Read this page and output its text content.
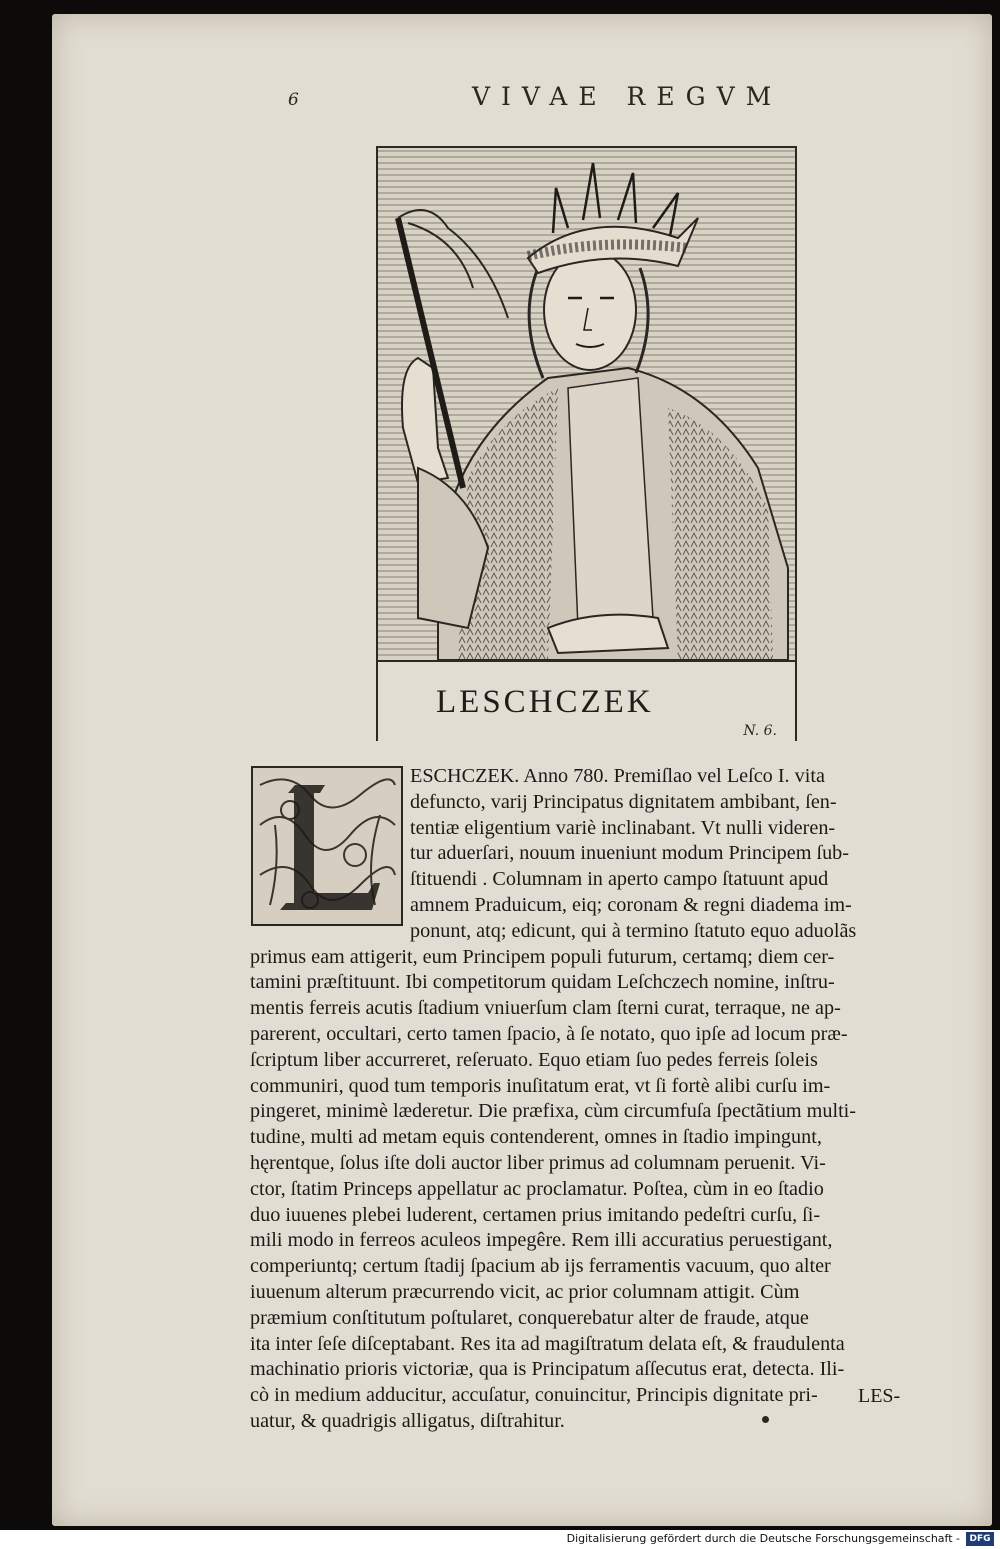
6	VIVAE REGVM
LESCHCZEK
N. 6.
ESCHCZEK. Anno 780. Premiſlao vel Leſco I. vita
defuncto, varij Principatus dignitatem ambibant, ſen-
tentiæ eligentium variè inclinabant. Vt nulli videren-
tur aduerſari, nouum inueniunt modum Principem ſub-
ſtituendi . Columnam in aperto campo ſtatuunt apud
amnem Praduicum, eiq; coronam & regni diadema im-
ponunt, atq; edicunt, qui à termino ſtatuto equo aduolãs
primus eam attigerit, eum Principem populi futurum, certamq; diem cer-
tamini præſtituunt. Ibi competitorum quidam Leſchczech nomine, inſtru-
mentis ferreis acutis ſtadium vniuerſum clam ſterni curat, terraque, ne ap-
parerent, occultari, certo tamen ſpacio, à ſe notato, quo ipſe ad locum præ-
ſcriptum liber accurreret, reſeruato. Equo etiam ſuo pedes ferreis ſoleis
communiri, quod tum temporis inuſitatum erat, vt ſi fortè alibi curſu im-
pingeret, minimè læderetur. Die præfixa, cùm circumfuſa ſpectãtium multi-
tudine, multi ad metam equis contenderent, omnes in ſtadio impingunt,
hęrentque, ſolus iſte doli auctor liber primus ad columnam peruenit. Vi-
ctor, ſtatim Princeps appellatur ac proclamatur. Poſtea, cùm in eo ſtadio
duo iuuenes plebei luderent, certamen prius imitando pedeſtri curſu, ſi-
mili modo in ferreos aculeos impegêre. Rem illi accuratius peruestigant,
comperiuntq; certum ſtadij ſpacium ab ijs ferramentis vacuum, quo alter
iuuenum alterum præcurrendo vicit, ac prior columnam attigit. Cùm
præmium conſtitutum poſtularet, conquerebatur alter de fraude, atque
ita inter ſeſe diſceptabant. Res ita ad magiſtratum delata eſt, & fraudulenta
machinatio prioris victoriæ, qua is Principatum aſſecutus erat, detecta. Ili-
cò in medium adducitur, accuſatur, conuincitur, Principis dignitate pri-
uatur, & quadrigis alligatus, diſtrahitur.
LES-
Digitalisierung gefördert durch die Deutsche Forschungsgemeinschaft -	DFG
